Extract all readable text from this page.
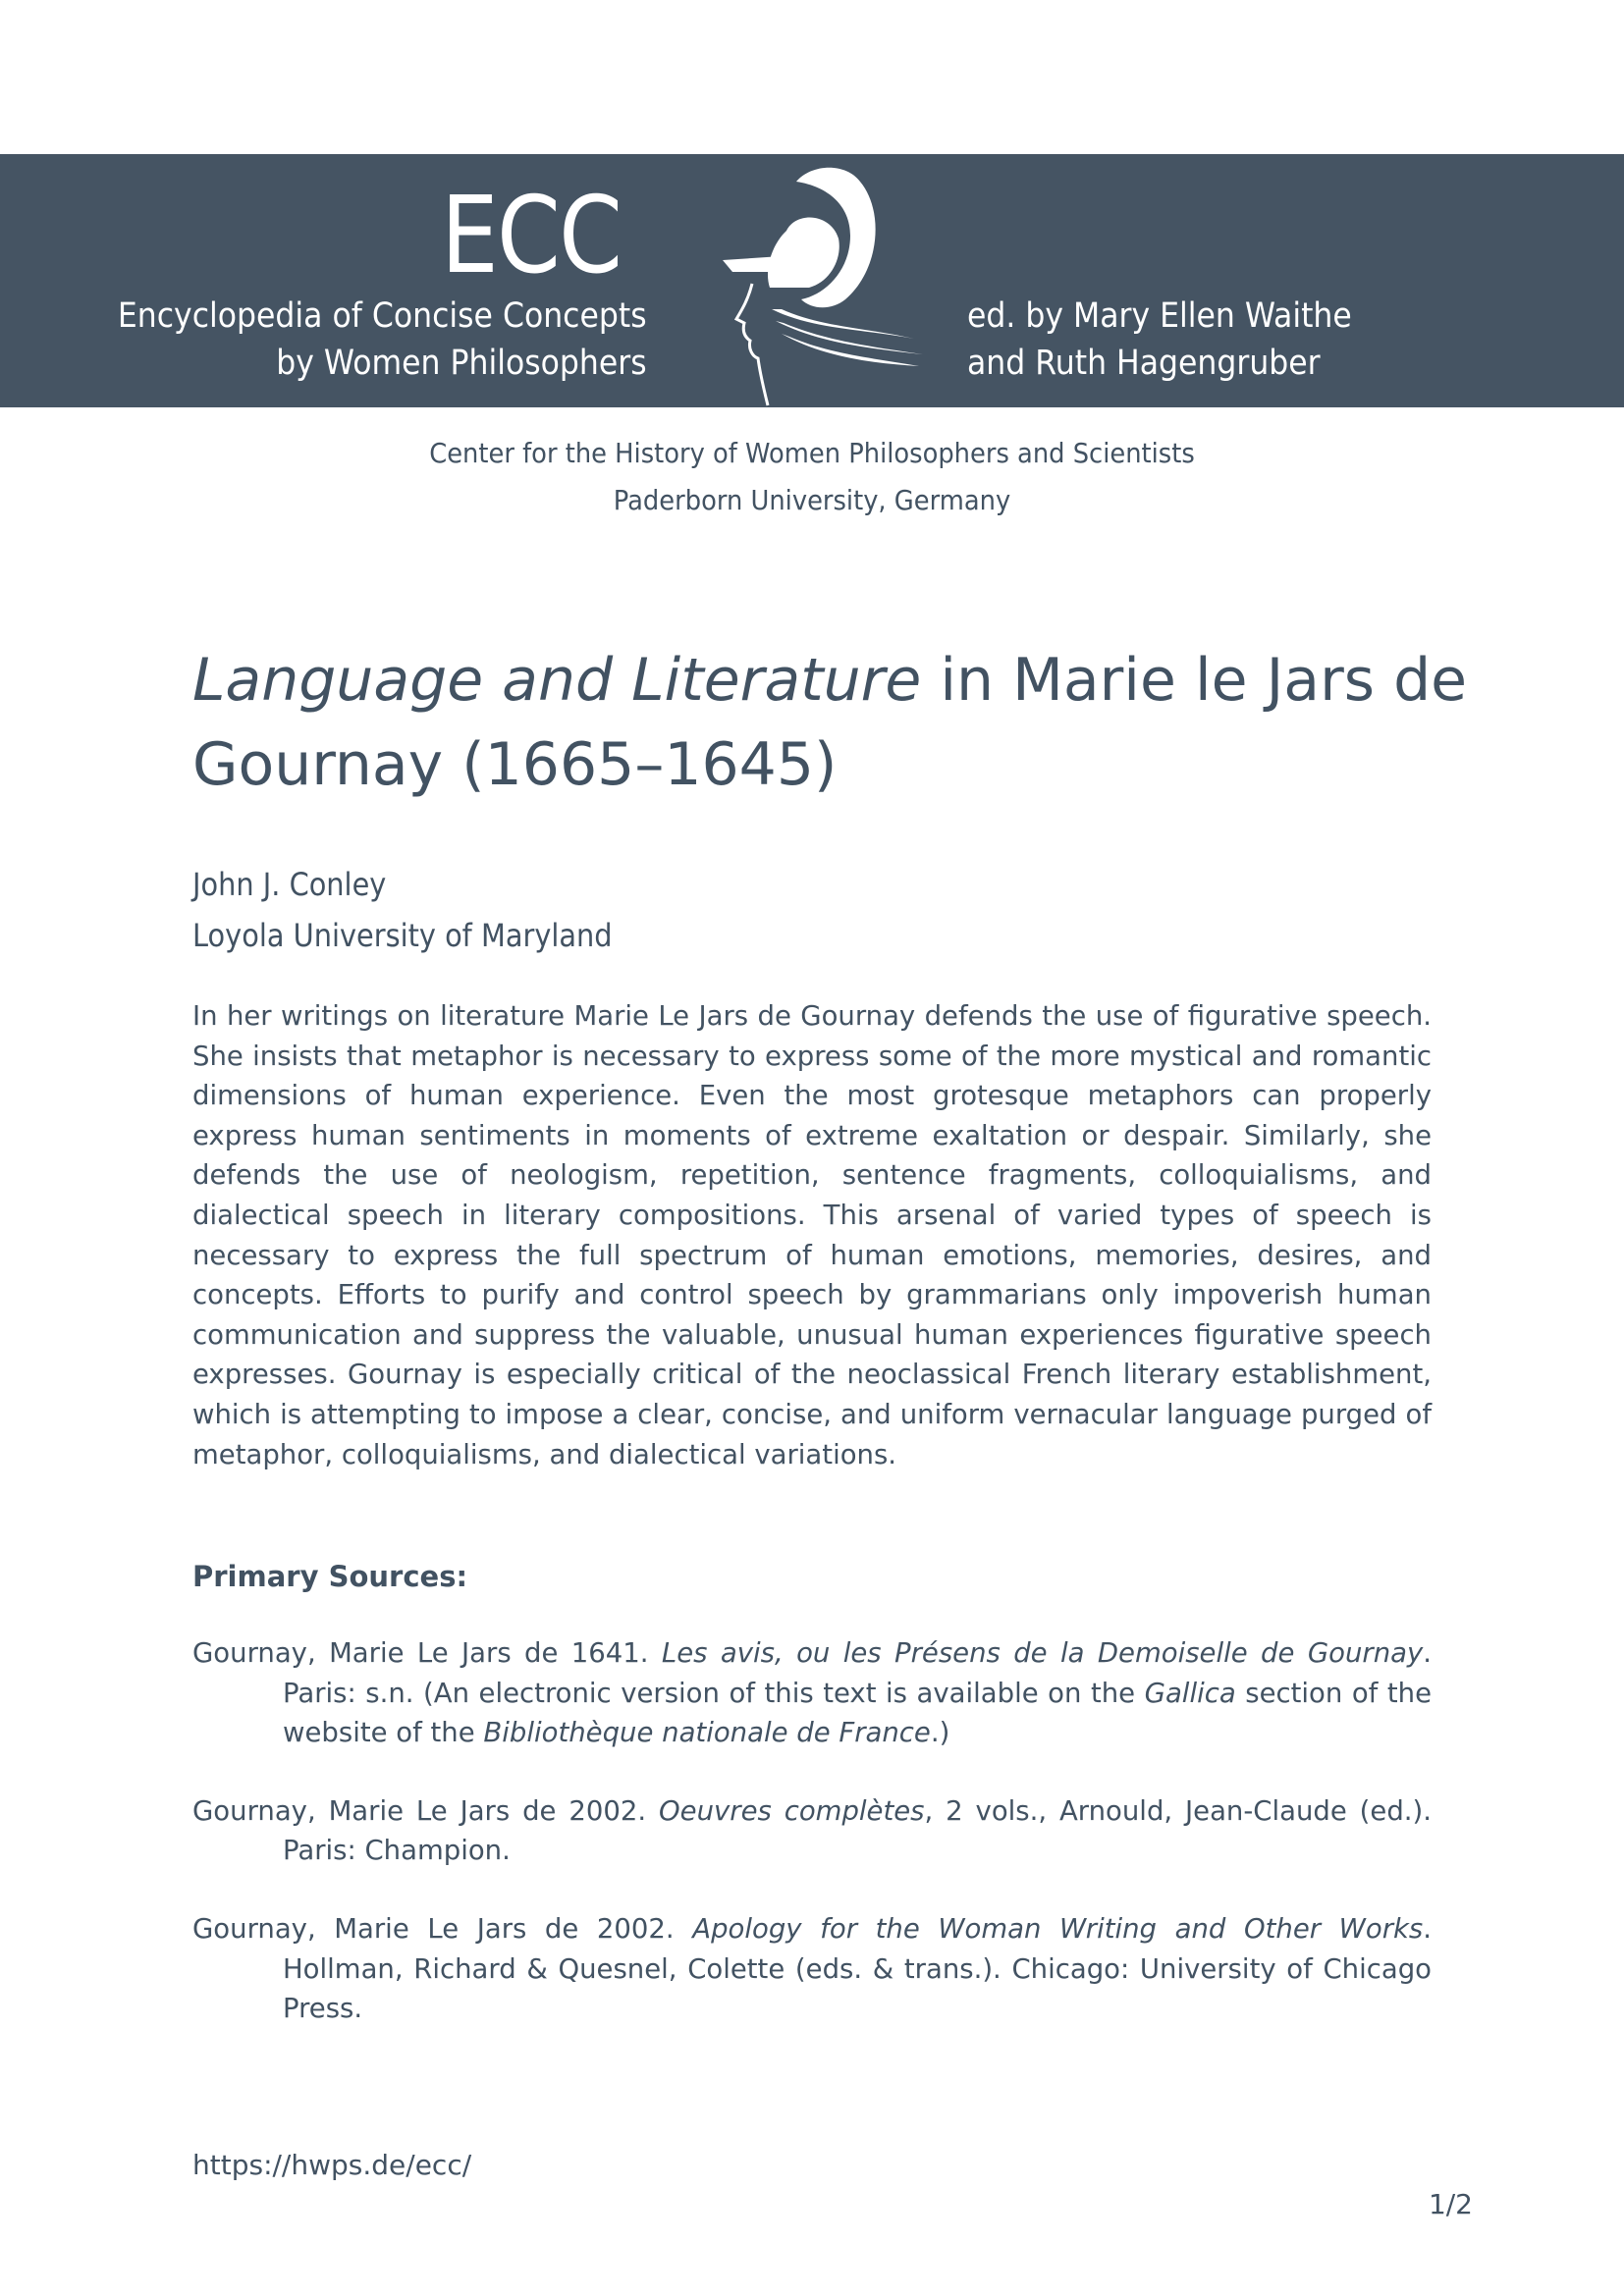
ECC
Encyclopedia of Concise Concepts
by Women Philosophers
ed. by Mary Ellen Waithe
and Ruth Hagengruber
Center for the History of Women Philosophers and Scientists
Paderborn University, Germany
Language and Literature in Marie le Jars de Gournay (1665–1645)
John J. Conley
Loyola University of Maryland

In her writings on literature Marie Le Jars de Gournay defends the use of figurative speech. She insists that metaphor is necessary to express some of the more mystical and romantic dimensions of human experience. Even the most grotesque metaphors can properly express human sentiments in moments of extreme exaltation or despair. Similarly, she defends the use of neologism, repetition, sentence fragments, colloquialisms, and dialectical speech in literary compositions. This arsenal of varied types of speech is necessary to express the full spectrum of human emotions, memories, desires, and concepts. Efforts to purify and control speech by grammarians only impoverish human communication and suppress the valuable, unusual human experiences figurative speech expresses. Gournay is especially critical of the neoclassical French literary establishment, which is attempting to impose a clear, concise, and uniform vernacular language purged of metaphor, colloquialisms, and dialectical variations.

Primary Sources:

Gournay, Marie Le Jars de 1641. Les avis, ou les Présens de la Demoiselle de Gournay. Paris: s.n. (An electronic version of this text is available on the Gallica section of the website of the Bibliothèque nationale de France.)

Gournay, Marie Le Jars de 2002. Oeuvres complètes, 2 vols., Arnould, Jean-Claude (ed.). Paris: Champion.

Gournay, Marie Le Jars de 2002. Apology for the Woman Writing and Other Works. Hollman, Richard & Quesnel, Colette (eds. & trans.). Chicago: University of Chicago Press.

https://hwps.de/ecc/
1/2
